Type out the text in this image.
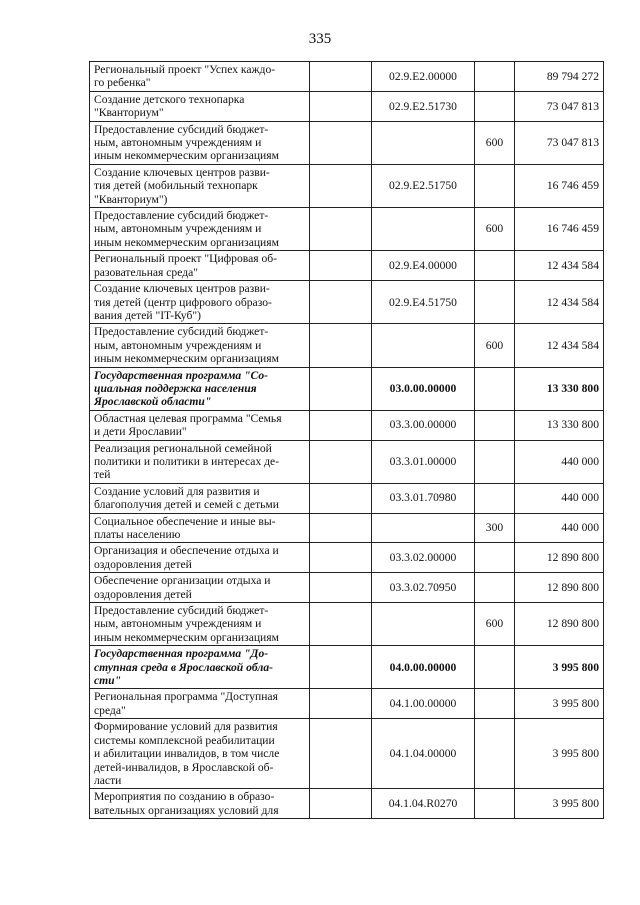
335
Региональный проект "Успех каждо-
го ребенка"		02.9.E2.00000		89 794 272
Создание детского технопарка
"Кванториум"		02.9.E2.51730		73 047 813
Предоставление субсидий бюджет-
ным, автономным учреждениям и
иным некоммерческим организациям			600	73 047 813
Создание ключевых центров разви-
тия детей (мобильный технопарк
"Кванториум")		02.9.E2.51750		16 746 459
Предоставление субсидий бюджет-
ным, автономным учреждениям и
иным некоммерческим организациям			600	16 746 459
Региональный проект "Цифровая об-
разовательная среда"		02.9.E4.00000		12 434 584
Создание ключевых центров разви-
тия детей (центр цифрового образо-
вания детей "IT-Куб")		02.9.E4.51750		12 434 584
Предоставление субсидий бюджет-
ным, автономным учреждениям и
иным некоммерческим организациям			600	12 434 584
Государственная программа "Со-
циальная поддержка населения
Ярославской области"		03.0.00.00000		13 330 800
Областная целевая программа "Семья
и дети Ярославии"		03.3.00.00000		13 330 800
Реализация региональной семейной
политики и политики в интересах де-
тей		03.3.01.00000		440 000
Создание условий для развития и
благополучия детей и семей с детьми		03.3.01.70980		440 000
Социальное обеспечение и иные вы-
платы населению			300	440 000
Организация и обеспечение отдыха и
оздоровления детей		03.3.02.00000		12 890 800
Обеспечение организации отдыха и
оздоровления детей		03.3.02.70950		12 890 800
Предоставление субсидий бюджет-
ным, автономным учреждениям и
иным некоммерческим организациям			600	12 890 800
Государственная программа "До-
ступная среда в Ярославской обла-
сти"		04.0.00.00000		3 995 800
Региональная программа "Доступная
среда"		04.1.00.00000		3 995 800
Формирование условий для развития
системы комплексной реабилитации
и абилитации инвалидов, в том числе
детей-инвалидов, в Ярославской об-
ласти		04.1.04.00000		3 995 800
Мероприятия по созданию в образо-
вательных организациях условий для		04.1.04.R0270		3 995 800
